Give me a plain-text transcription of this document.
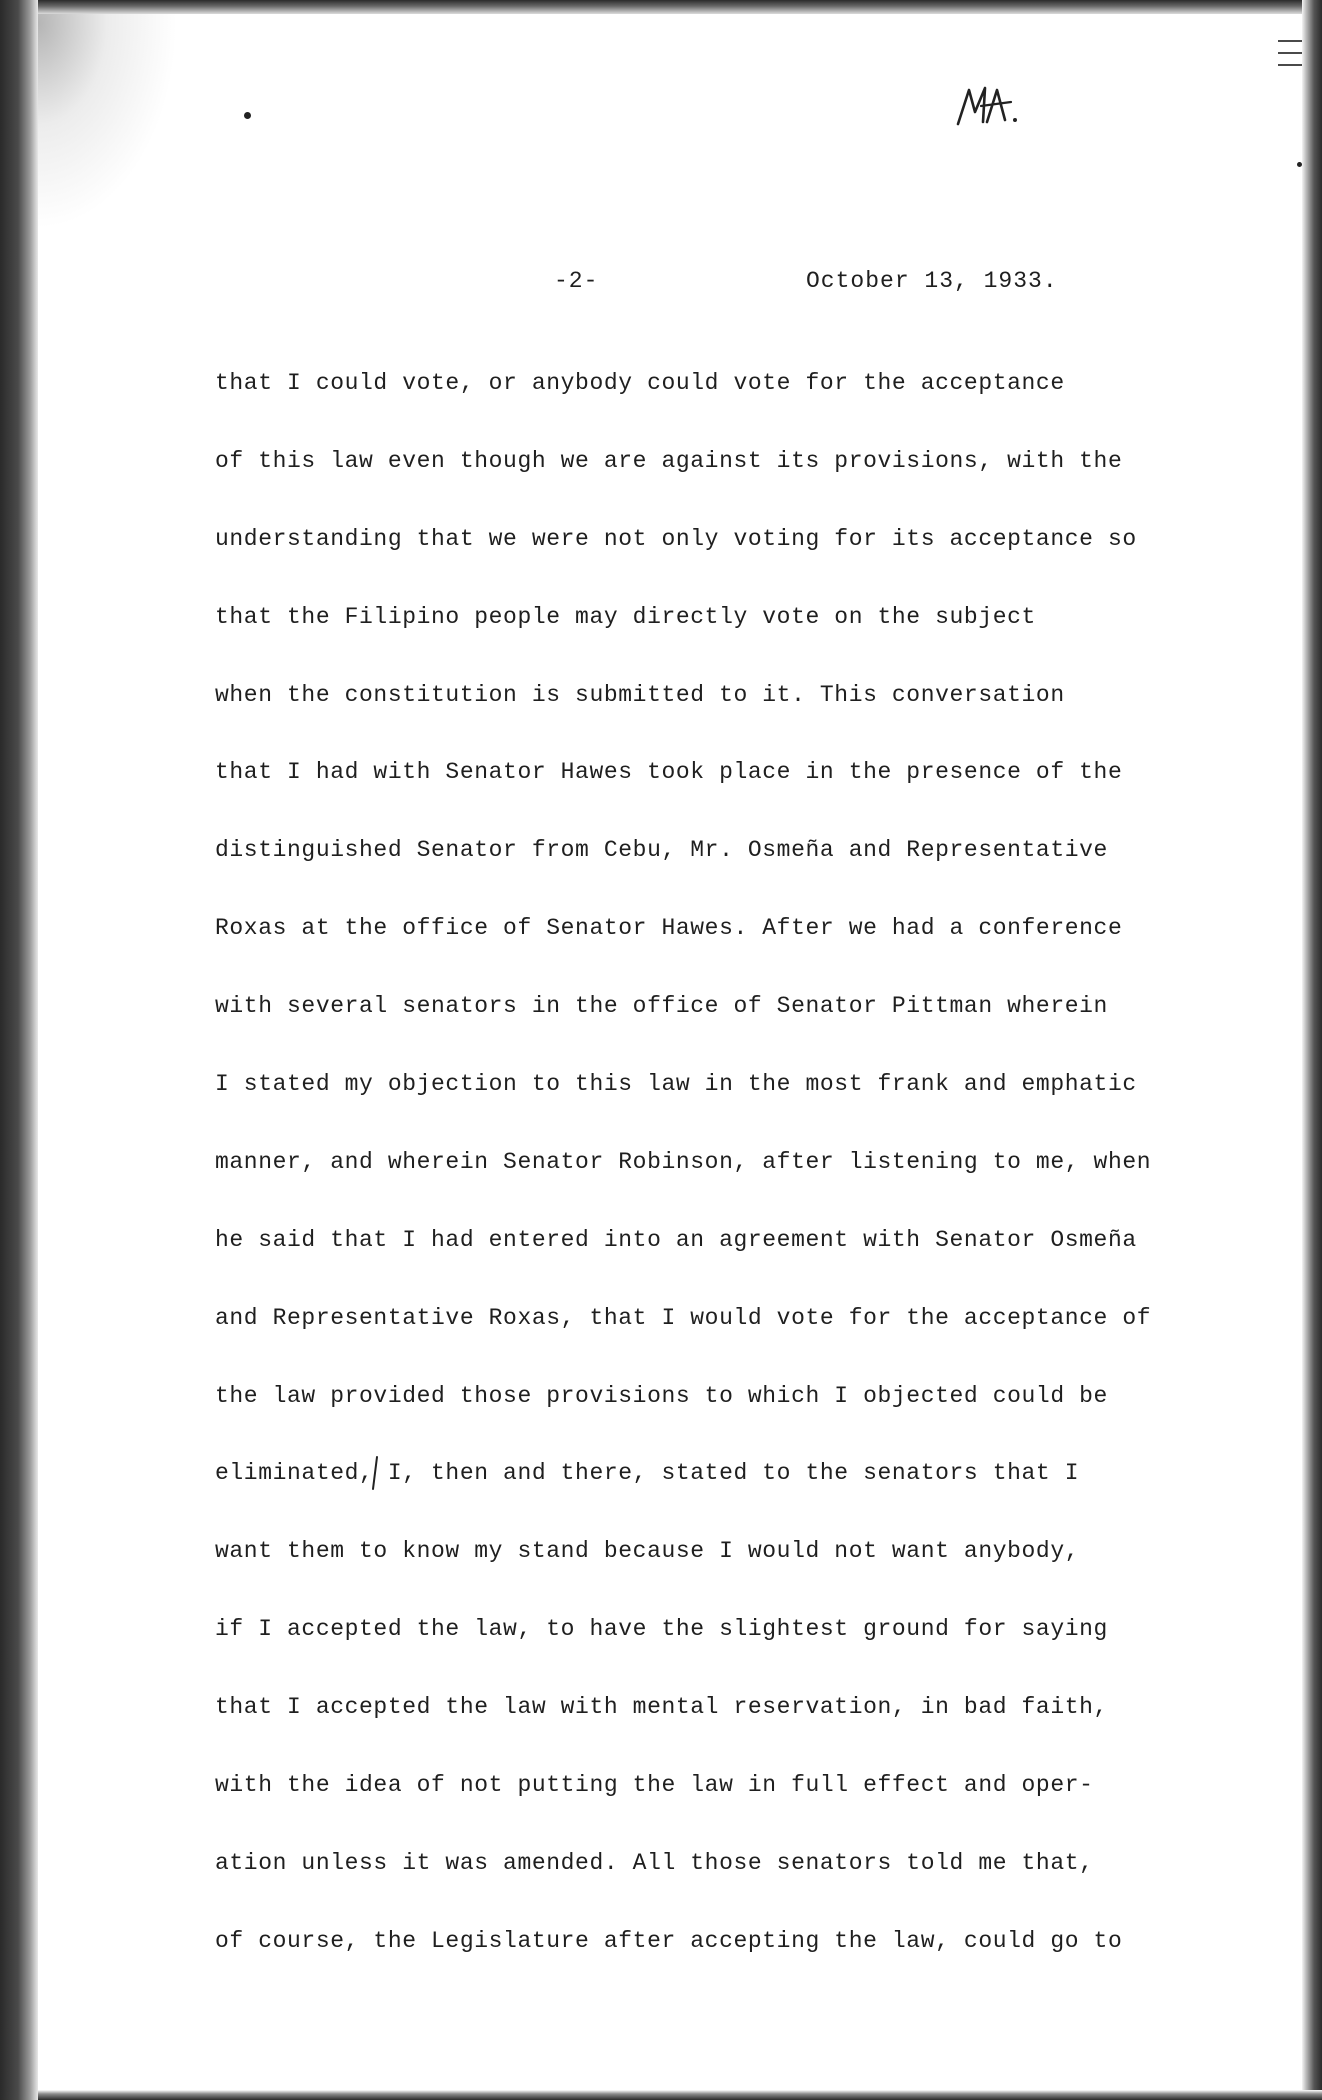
-2-	October 13, 1933.
that I could vote, or anybody could vote for the acceptance
of this law even though we are against its provisions, with the
understanding that we were not only voting for its acceptance so
that the Filipino people may directly vote on the subject
when the constitution is submitted to it. This conversation
that I had with Senator Hawes took place in the presence of the
distinguished Senator from Cebu, Mr. Osmeña and Representative
Roxas at the office of Senator Hawes. After we had a conference
with several senators in the office of Senator Pittman wherein
I stated my objection to this law in the most frank and emphatic
manner, and wherein Senator Robinson, after listening to me, when
he said that I had entered into an agreement with Senator Osmeña
and Representative Roxas, that I would vote for the acceptance of
the law provided those provisions to which I objected could be
eliminated, I, then and there, stated to the senators that I
want them to know my stand because I would not want anybody,
if I accepted the law, to have the slightest ground for saying
that I accepted the law with mental reservation, in bad faith,
with the idea of not putting the law in full effect and oper-
ation unless it was amended. All those senators told me that,
of course, the Legislature after accepting the law, could go to
